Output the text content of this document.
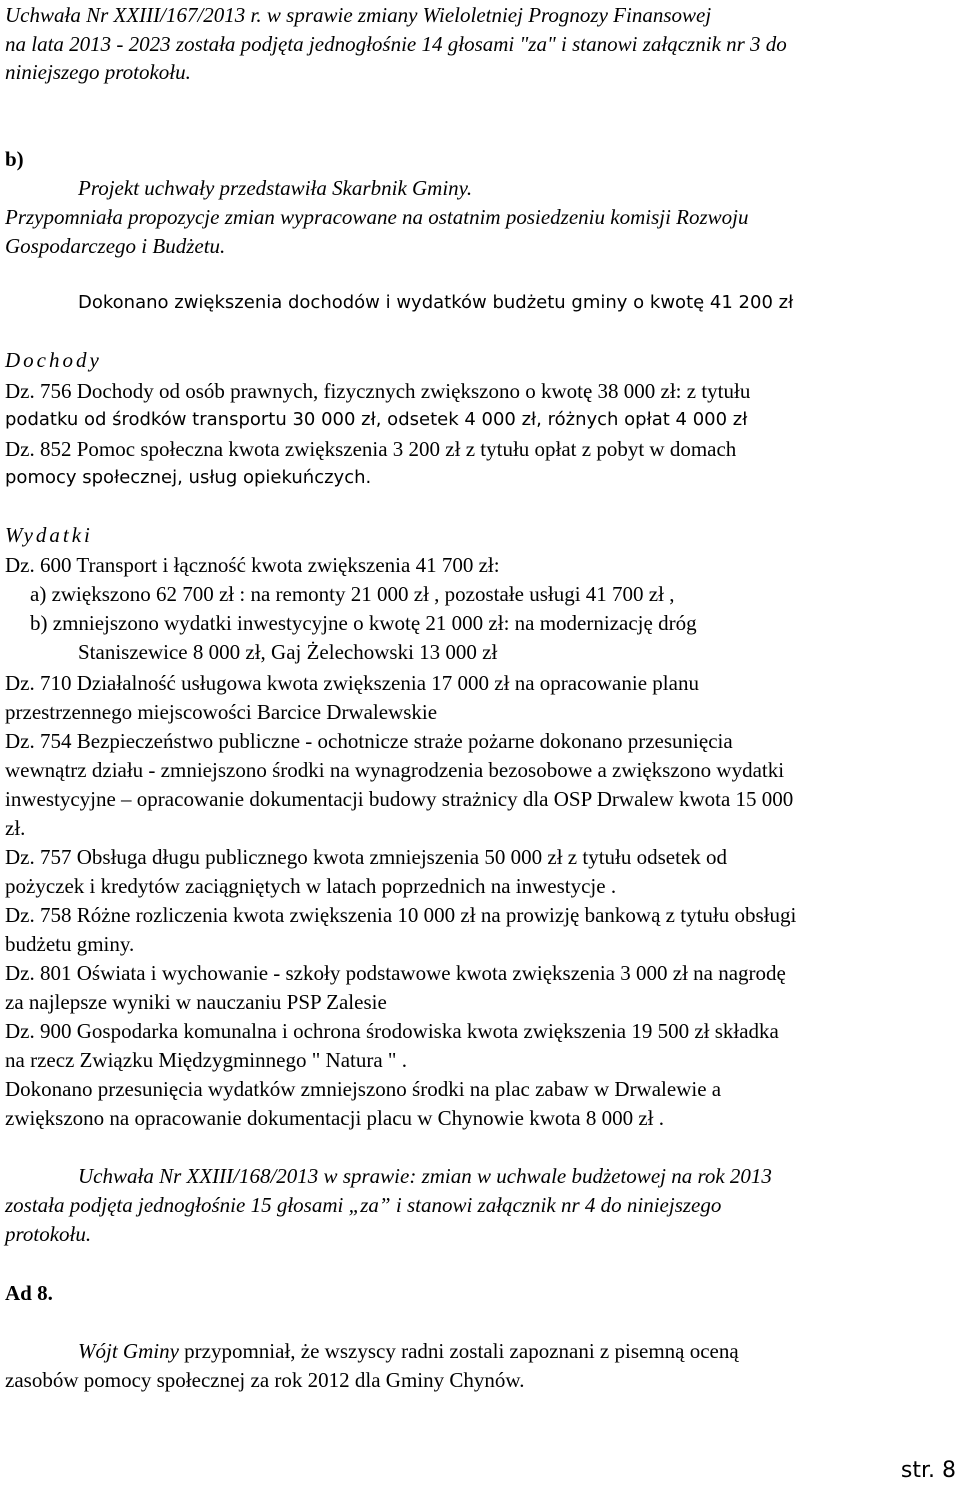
Uchwała Nr XXIII/167/2013 r. w sprawie zmiany Wieloletniej Prognozy Finansowej
na lata 2013 - 2023 została podjęta jednogłośnie 14 głosami "za" i stanowi załącznik nr 3 do
niniejszego protokołu.
b)
Projekt uchwały przedstawiła Skarbnik Gminy.
Przypomniała propozycje zmian wypracowane na ostatnim posiedzeniu komisji Rozwoju
Gospodarczego i Budżetu.
Dokonano zwiększenia dochodów i wydatków budżetu gminy o kwotę 41 200 zł
Dochody
Dz. 756 Dochody od osób prawnych, fizycznych zwiększono o kwotę 38 000 zł: z tytułu
podatku od środków transportu 30 000 zł, odsetek 4 000 zł, różnych opłat 4 000 zł
Dz. 852 Pomoc społeczna kwota zwiększenia 3 200 zł z tytułu opłat z pobyt w domach
pomocy społecznej, usług opiekuńczych.
Wydatki
Dz. 600 Transport i łączność kwota zwiększenia 41 700 zł:
a) zwiększono 62 700 zł : na remonty 21 000 zł , pozostałe usługi 41 700 zł ,
b) zmniejszono wydatki inwestycyjne o kwotę 21 000 zł: na modernizację dróg
Staniszewice 8 000 zł, Gaj Żelechowski 13 000 zł
Dz. 710 Działalność usługowa kwota zwiększenia 17 000 zł na opracowanie planu
przestrzennego miejscowości Barcice Drwalewskie
Dz. 754 Bezpieczeństwo publiczne - ochotnicze straże pożarne dokonano przesunięcia
wewnątrz działu - zmniejszono środki na wynagrodzenia bezosobowe a zwiększono wydatki
inwestycyjne – opracowanie dokumentacji budowy strażnicy dla OSP Drwalew kwota 15 000
zł.
Dz. 757 Obsługa długu publicznego kwota zmniejszenia 50 000 zł z tytułu odsetek od
pożyczek i kredytów zaciągniętych w latach poprzednich na inwestycje .
Dz. 758 Różne rozliczenia kwota zwiększenia 10 000 zł na prowizję bankową z tytułu obsługi
budżetu gminy.
Dz. 801 Oświata i wychowanie - szkoły podstawowe kwota zwiększenia 3 000 zł na nagrodę
za najlepsze wyniki w nauczaniu PSP Zalesie
Dz. 900 Gospodarka komunalna i ochrona środowiska kwota zwiększenia 19 500 zł składka
na rzecz Związku Międzygminnego " Natura " .
Dokonano przesunięcia wydatków zmniejszono środki na plac zabaw w Drwalewie a
zwiększono na opracowanie dokumentacji placu w Chynowie kwota 8 000 zł .
Uchwała Nr XXIII/168/2013 w sprawie: zmian w uchwale budżetowej na rok 2013
została podjęta jednogłośnie 15 głosami „za” i stanowi załącznik nr 4 do niniejszego
protokołu.
Ad 8.
Wójt Gminy przypomniał, że wszyscy radni zostali zapoznani z pisemną oceną
zasobów pomocy społecznej za rok 2012 dla Gminy Chynów.
str. 8
